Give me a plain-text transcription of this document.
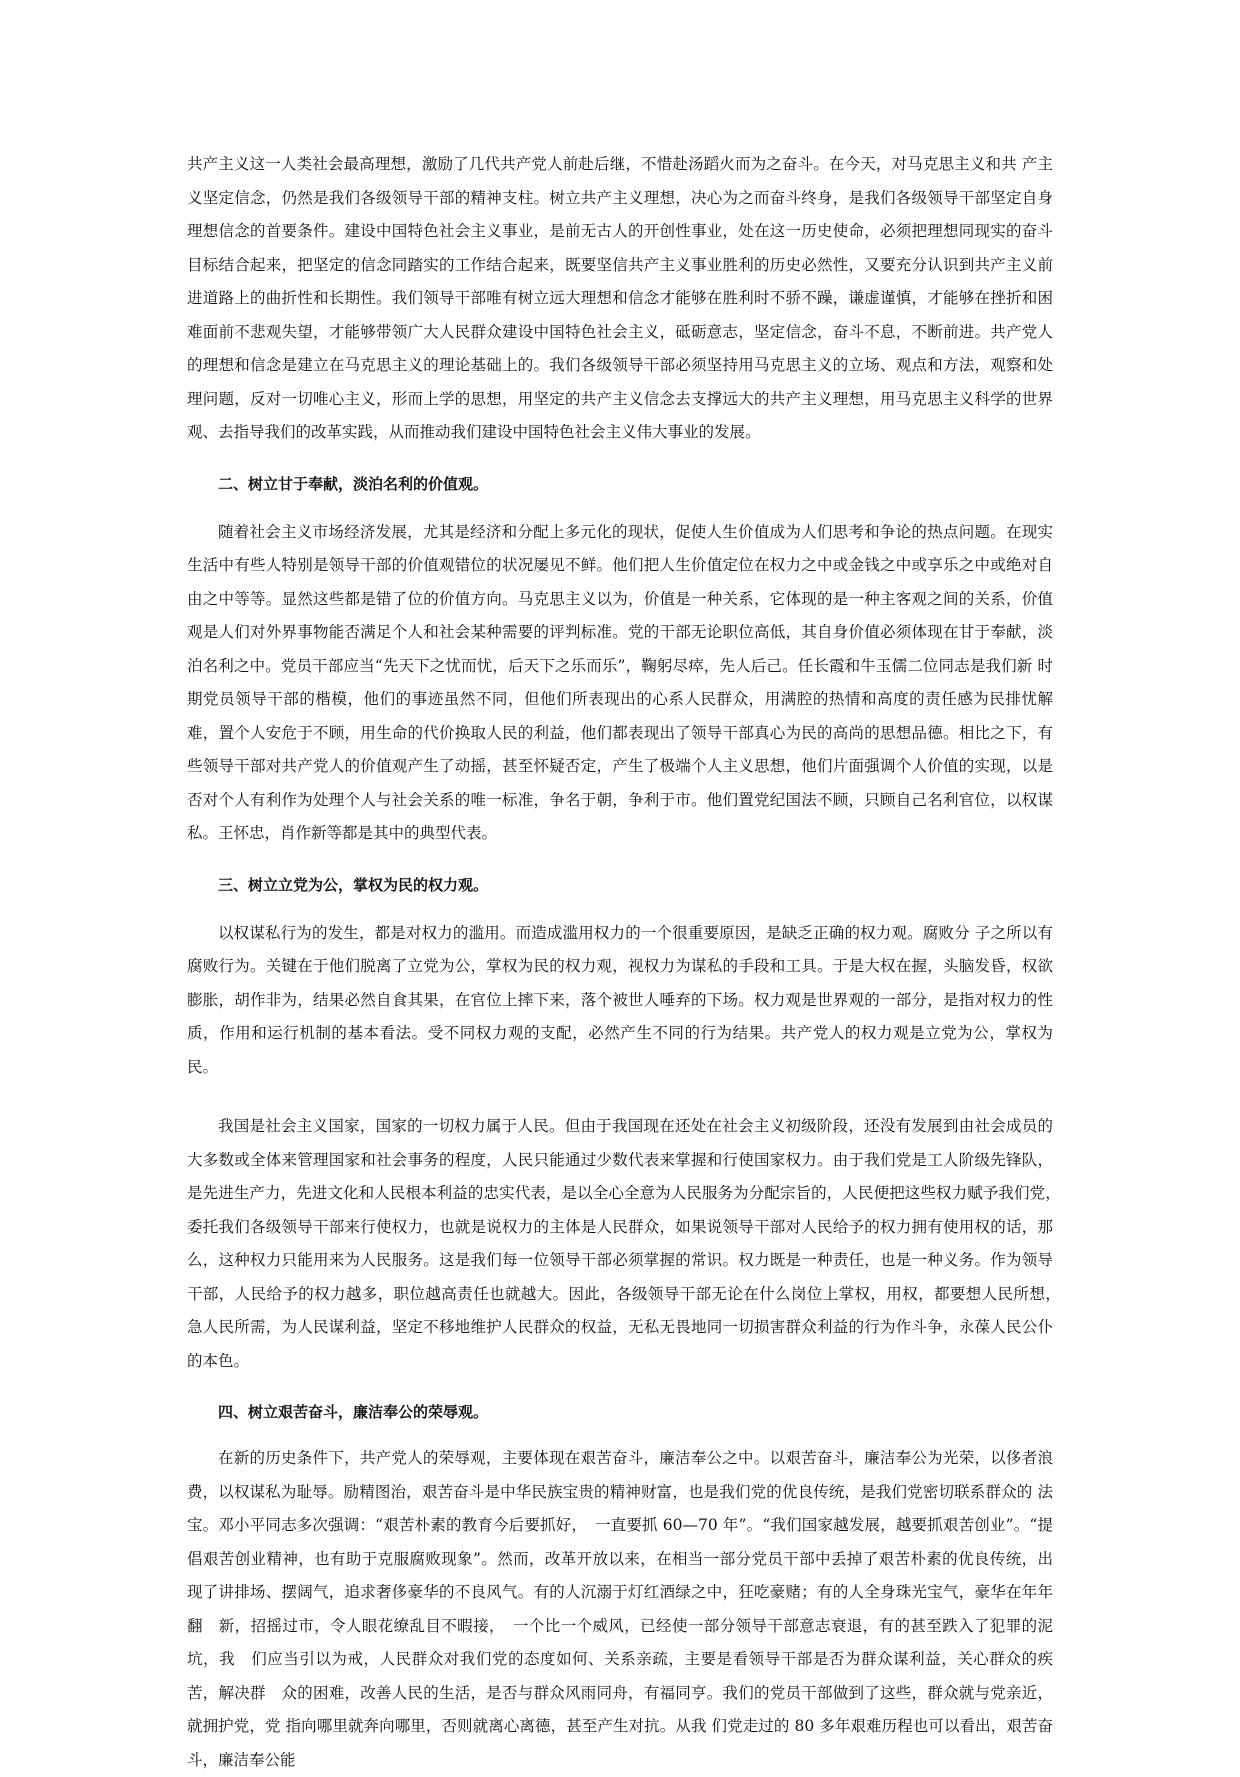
共产主义这一人类社会最高理想，激励了几代共产党人前赴后继，不惜赴汤蹈火而为之奋斗。在今天，对马克思主义和共 产主 义坚定信念，仍然是我们各级领导干部的精神支柱。树立共产主义理想，决心为之而奋斗终身，是我们各级领导干部坚定自身 理想信念的首要条件。建设中国特色社会主义事业，是前无古人的开创性事业，处在这一历史使命，必须把理想同现实的奋斗 目标结合起来，把坚定的信念同踏实的工作结合起来，既要坚信共产主义事业胜利的历史必然性，又要充分认识到共产主义前 进道路上的曲折性和长期性。我们领导干部唯有树立远大理想和信念才能够在胜利时不骄不躁，谦虚谨慎，才能够在挫折和困 难面前不悲观失望，才能够带领广大人民群众建设中国特色社会主义，砥砺意志，坚定信念，奋斗不息，不断前进。共产党人 的理想和信念是建立在马克思主义的理论基础上的。我们各级领导干部必须坚持用马克思主义的立场、观点和方法，观察和处 理问题，反对一切唯心主义，形而上学的思想，用坚定的共产主义信念去支撑远大的共产主义理想，用马克思主义科学的世界 观、去指导我们的改革实践，从而推动我们建设中国特色社会主义伟大事业的发展。

二、树立甘于奉献，淡泊名利的价值观。

随着社会主义市场经济发展，尤其是经济和分配上多元化的现状，促使人生价值成为人们思考和争论的热点问题。在现实生活中有些人特别是领导干部的价值观错位的状况屡见不鲜。他们把人生价值定位在权力之中或金钱之中或享乐之中或绝对自由之中等等。显然这些都是错了位的价值方向。马克思主义以为，价值是一种关系，它体现的是一种主客观之间的关系，价值观是人们对外界事物能否满足个人和社会某种需要的评判标准。党的干部无论职位高低，其自身价值必须体现在甘于奉献，淡泊名利之中。党员干部应当“先天下之忧而忧，后天下之乐而乐”，鞠躬尽瘁，先人后己。任长霞和牛玉儒二位同志是我们新 时期党员领导干部的楷模，他们的事迹虽然不同，但他们所表现出的心系人民群众，用满腔的热情和高度的责任感为民排忧解 难，置个人安危于不顾，用生命的代价换取人民的利益，他们都表现出了领导干部真心为民的高尚的思想品德。相比之下，有 些领导干部对共产党人的价值观产生了动摇，甚至怀疑否定，产生了极端个人主义思想，他们片面强调个人价值的实现，以是 否对个人有利作为处理个人与社会关系的唯一标准，争名于朝，争利于市。他们置党纪国法不顾，只顾自己名利官位，以权谋 私。王怀忠，肖作新等都是其中的典型代表。

三、树立立党为公，掌权为民的权力观。

以权谋私行为的发生，都是对权力的滥用。而造成滥用权力的一个很重要原因，是缺乏正确的权力观。腐败分 子之所以有腐败行为。关键在于他们脱离了立党为公，掌权为民的权力观，视权力为谋私的手段和工具。于是大权在握，头脑发昏，权欲膨胀，胡作非为，结果必然自食其果，在官位上摔下来，落个被世人唾弃的下场。权力观是世界观的一部分，是指对权力的性质，作用和运行机制的基本看法。受不同权力观的支配，必然产生不同的行为结果。共产党人的权力观是立党为公，掌权为民。

我国是社会主义国家，国家的一切权力属于人民。但由于我国现在还处在社会主义初级阶段，还没有发展到由社会成员的大多数或全体来管理国家和社会事务的程度，人民只能通过少数代表来掌握和行使国家权力。由于我们党是工人阶级先锋队，是先进生产力，先进文化和人民根本利益的忠实代表，是以全心全意为人民服务为分配宗旨的，人民便把这些权力赋予我们党，　委托我们各级领导干部来行使权力，也就是说权力的主体是人民群众，如果说领导干部对人民给予的权力拥有使用权的话，那　么，这种权力只能用来为人民服务。这是我们每一位领导干部必须掌握的常识。权力既是一种责任，也是一种义务。作为领导　干部，人民给予的权力越多，职位越高责任也就越大。因此，各级领导干部无论在什么岗位上掌权，用权，都要想人民所想，　　急人民所需，为人民谋利益，坚定不移地维护人民群众的权益，无私无畏地同一切损害群众利益的行为作斗争，永葆人民公仆　的本色。

四、树立艰苦奋斗，廉洁奉公的荣辱观。

在新的历史条件下，共产党人的荣辱观，主要体现在艰苦奋斗，廉洁奉公之中。以艰苦奋斗，廉洁奉公为光荣，以侈者浪费，以权谋私为耻辱。励精图治，艰苦奋斗是中华民族宝贵的精神财富，也是我们党的优良传统，是我们党密切联系群众的 法宝。邓小平同志多次强调：“艰苦朴素的教育今后要抓好，　一直要抓 60—70 年”。“我们国家越发展，越要抓艰苦创业”。“提 倡艰苦创业精神，也有助于克服腐败现象”。然而，改革开放以来，在相当一部分党员干部中丢掉了艰苦朴素的优良传统，出　现了讲排场、摆阔气，追求奢侈豪华的不良风气。有的人沉溺于灯红酒绿之中，狂吃豪赌；有的人全身珠光宝气，豪华在年年翻　新，招摇过市，令人眼花缭乱目不暇接，　一个比一个威风，已经使一部分领导干部意志衰退，有的甚至跌入了犯罪的泥坑，我　们应当引以为戒，人民群众对我们党的态度如何、关系亲疏，主要是看领导干部是否为群众谋利益，关心群众的疾苦，解决群　众的困难，改善人民的生活，是否与群众风雨同舟，有福同亨。我们的党员干部做到了这些，群众就与党亲近，就拥护党，党 指向哪里就奔向哪里，否则就离心离德，甚至产生对抗。从我 们党走过的 80 多年艰难历程也可以看出，艰苦奋斗，廉洁奉公能
